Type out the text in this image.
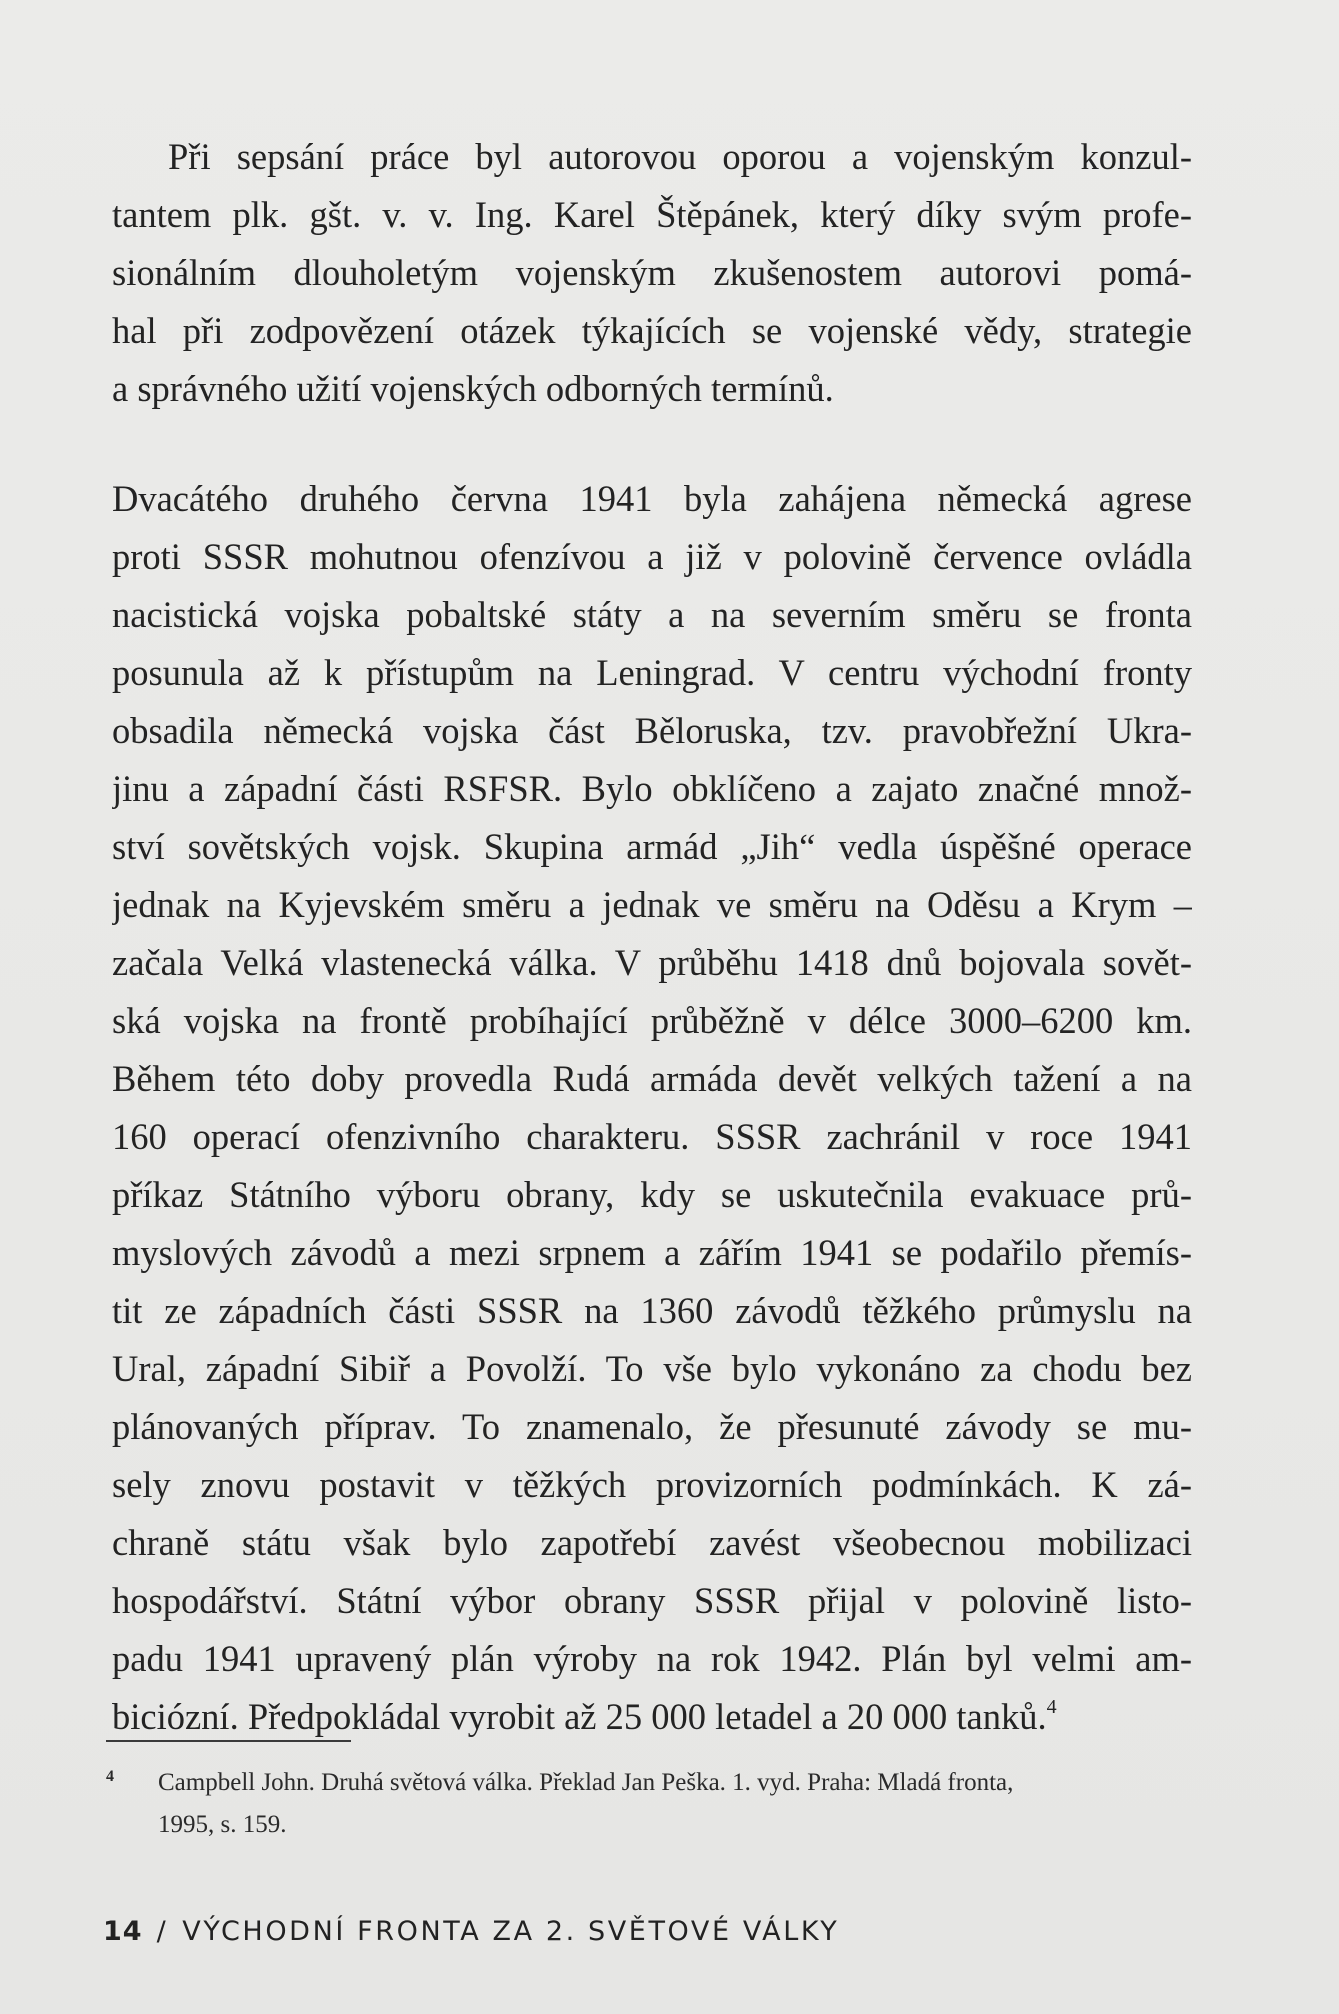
Při sepsání práce byl autorovou oporou a vojenským konzul-
tantem plk. gšt. v. v. Ing. Karel Štěpánek, který díky svým profe-
sionálním dlouholetým vojenským zkušenostem autorovi pomá-
hal při zodpovězení otázek týkajících se vojenské vědy, strategie
a správného užití vojenských odborných termínů.
Dvacátého druhého června 1941 byla zahájena německá agrese
proti SSSR mohutnou ofenzívou a již v polovině července ovládla
nacistická vojska pobaltské státy a na severním směru se fronta
posunula až k přístupům na Leningrad. V centru východní fronty
obsadila německá vojska část Běloruska, tzv. pravobřežní Ukra-
jinu a západní části RSFSR. Bylo obklíčeno a zajato značné množ-
ství sovětských vojsk. Skupina armád „Jih“ vedla úspěšné operace
jednak na Kyjevském směru a jednak ve směru na Oděsu a Krym –
začala Velká vlastenecká válka. V průběhu 1418 dnů bojovala sovět-
ská vojska na frontě probíhající průběžně v délce 3000–6200 km.
Během této doby provedla Rudá armáda devět velkých tažení a na
160 operací ofenzivního charakteru. SSSR zachránil v roce 1941
příkaz Státního výboru obrany, kdy se uskutečnila evakuace prů-
myslových závodů a mezi srpnem a zářím 1941 se podařilo přemís-
tit ze západních části SSSR na 1360 závodů těžkého průmyslu na
Ural, západní Sibiř a Povolží. To vše bylo vykonáno za chodu bez
plánovaných příprav. To znamenalo, že přesunuté závody se mu-
sely znovu postavit v těžkých provizorních podmínkách. K zá-
chraně státu však bylo zapotřebí zavést všeobecnou mobilizaci
hospodářství. Státní výbor obrany SSSR přijal v polovině listo-
padu 1941 upravený plán výroby na rok 1942. Plán byl velmi am-
biciózní. Předpokládal vyrobit až 25 000 letadel a 20 000 tanků.$^4$
4 Campbell John. Druhá světová válka. Překlad Jan Peška. 1. vyd. Praha: Mladá fronta,
1995, s. 159.
14 / VÝCHODNÍ FRONTA ZA 2. SVĚTOVÉ VÁLKY
